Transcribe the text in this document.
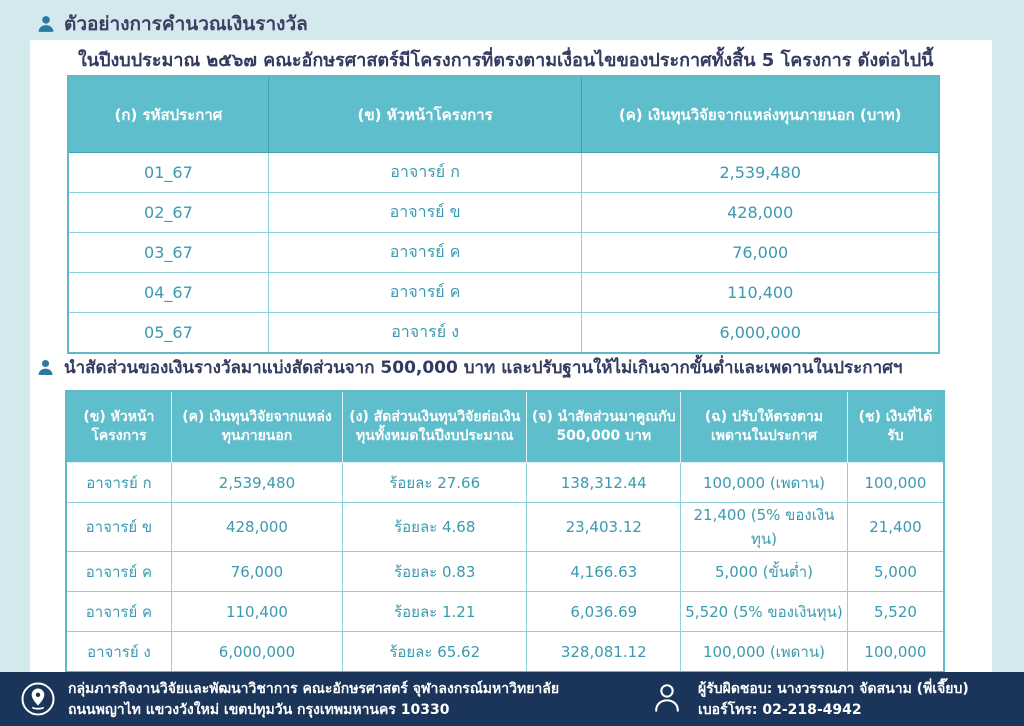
ตัวอย่างการคำนวณเงินรางวัล
ในปีงบประมาณ ๒๕๖๗ คณะอักษรศาสตร์มีโครงการที่ตรงตามเงื่อนไขของประกาศทั้งสิ้น 5 โครงการ ดังต่อไปนี้
(ก) รหัสประกาศ	(ข) หัวหน้าโครงการ	(ค) เงินทุนวิจัยจากแหล่งทุนภายนอก (บาท)
01_67	อาจารย์ ก	2,539,480
02_67	อาจารย์ ข	428,000
03_67	อาจารย์ ค	76,000
04_67	อาจารย์ ค	110,400
05_67	อาจารย์ ง	6,000,000
นำสัดส่วนของเงินรางวัลมาแบ่งสัดส่วนจาก 500,000 บาท และปรับฐานให้ไม่เกินจากขั้นต่ำและเพดานในประกาศฯ
(ข) หัวหน้าโครงการ	(ค) เงินทุนวิจัยจากแหล่งทุนภายนอก	(ง) สัดส่วนเงินทุนวิจัยต่อเงินทุนทั้งหมดในปีงบประมาณ	(จ) นำสัดส่วนมาคูณกับ 500,000 บาท	(ฉ) ปรับให้ตรงตามเพดานในประกาศ	(ช) เงินที่ได้รับ
อาจารย์ ก	2,539,480	ร้อยละ 27.66	138,312.44	100,000 (เพดาน)	100,000
อาจารย์ ข	428,000	ร้อยละ 4.68	23,403.12	21,400 (5% ของเงินทุน)	21,400
อาจารย์ ค	76,000	ร้อยละ 0.83	4,166.63	5,000 (ขั้นต่ำ)	5,000
อาจารย์ ค	110,400	ร้อยละ 1.21	6,036.69	5,520 (5% ของเงินทุน)	5,520
อาจารย์ ง	6,000,000	ร้อยละ 65.62	328,081.12	100,000 (เพดาน)	100,000
กลุ่มภารกิจงานวิจัยและพัฒนาวิชาการ คณะอักษรศาสตร์ จุฬาลงกรณ์มหาวิทยาลัย
ถนนพญาไท แขวงวังใหม่ เขตปทุมวัน กรุงเทพมหานคร 10330
ผู้รับผิดชอบ: นางวรรณภา จัดสนาม (พี่เจี๊ยบ)
เบอร์โทร: 02-218-4942
